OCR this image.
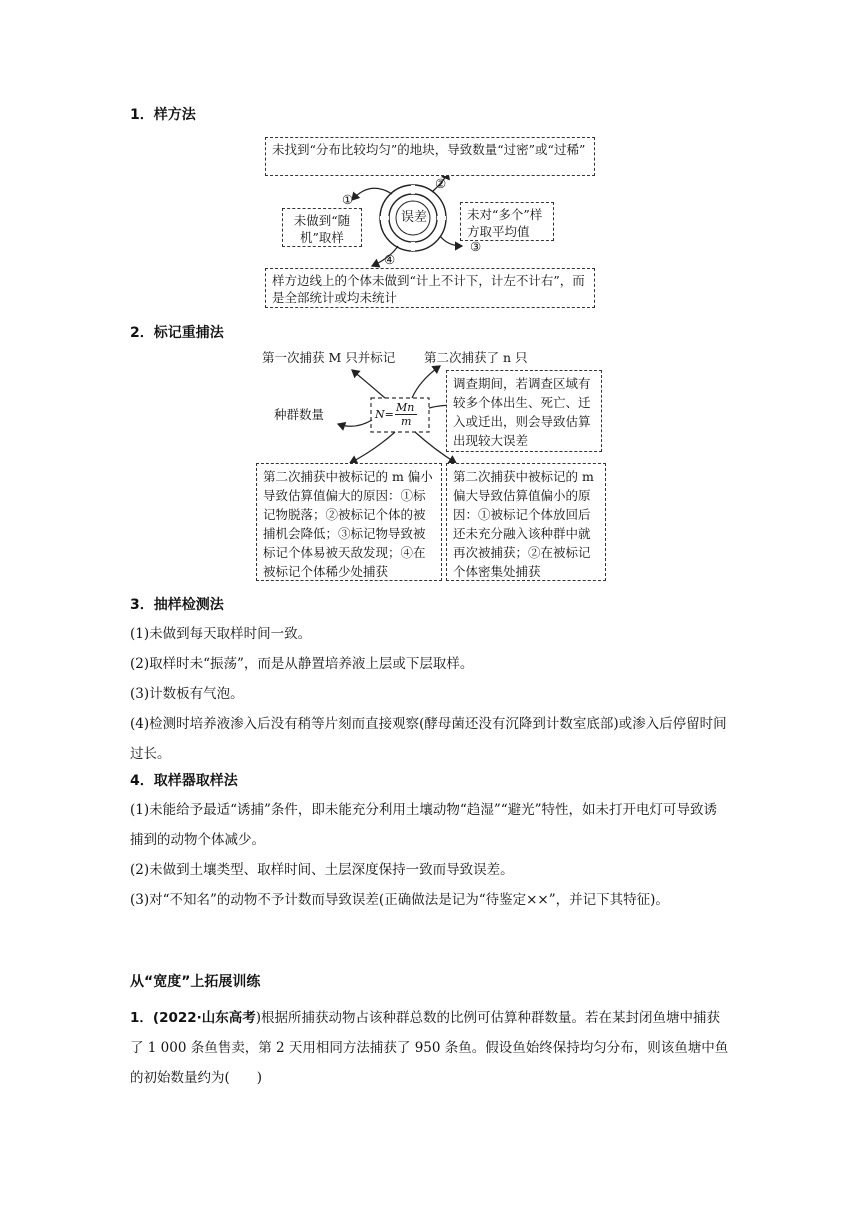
1．样方法
未找到“分布比较均匀”的地块，导致数量“过密”或“过稀”
未做到“随机”取样
未对“多个”样方取平均值
样方边线上的个体未做到“计上不计下，计左不计右”，而是全部统计或均未统计
误差
①
②
③
④
2．标记重捕法
第一次捕获 M 只并标记 第二次捕获了 n 只
种群数量	N=
Mn
m
调查期间，若调查区域有较多个体出生、死亡、迁入或迁出，则会导致估算出现较大误差
第二次捕获中被标记的 m 偏小导致估算值偏大的原因：①标记物脱落；②被标记个体的被捕机会降低；③标记物导致被标记个体易被天敌发现；④在被标记个体稀少处捕获
第二次捕获中被标记的 m 偏大导致估算值偏小的原因：①被标记个体放回后还未充分融入该种群中就再次被捕获；②在被标记个体密集处捕获
3．抽样检测法
(1)未做到每天取样时间一致。
(2)取样时未“振荡”，而是从静置培养液上层或下层取样。
(3)计数板有气泡。
(4)检测时培养液渗入后没有稍等片刻而直接观察(酵母菌还没有沉降到计数室底部)或渗入后停留时间过长。
4．取样器取样法
(1)未能给予最适“诱捕”条件，即未能充分利用土壤动物“趋湿”“避光”特性，如未打开电灯可导致诱捕到的动物个体减少。
(2)未做到土壤类型、取样时间、土层深度保持一致而导致误差。
(3)对“不知名”的动物不予计数而导致误差(正确做法是记为“待鉴定××”，并记下其特征)。
从“宽度”上拓展训练
1．(2022·山东高考)根据所捕获动物占该种群总数的比例可估算种群数量。若在某封闭鱼塘中捕获了 1 000 条鱼售卖，第 2 天用相同方法捕获了 950 条鱼。假设鱼始终保持均匀分布，则该鱼塘中鱼的初始数量约为(　　)
